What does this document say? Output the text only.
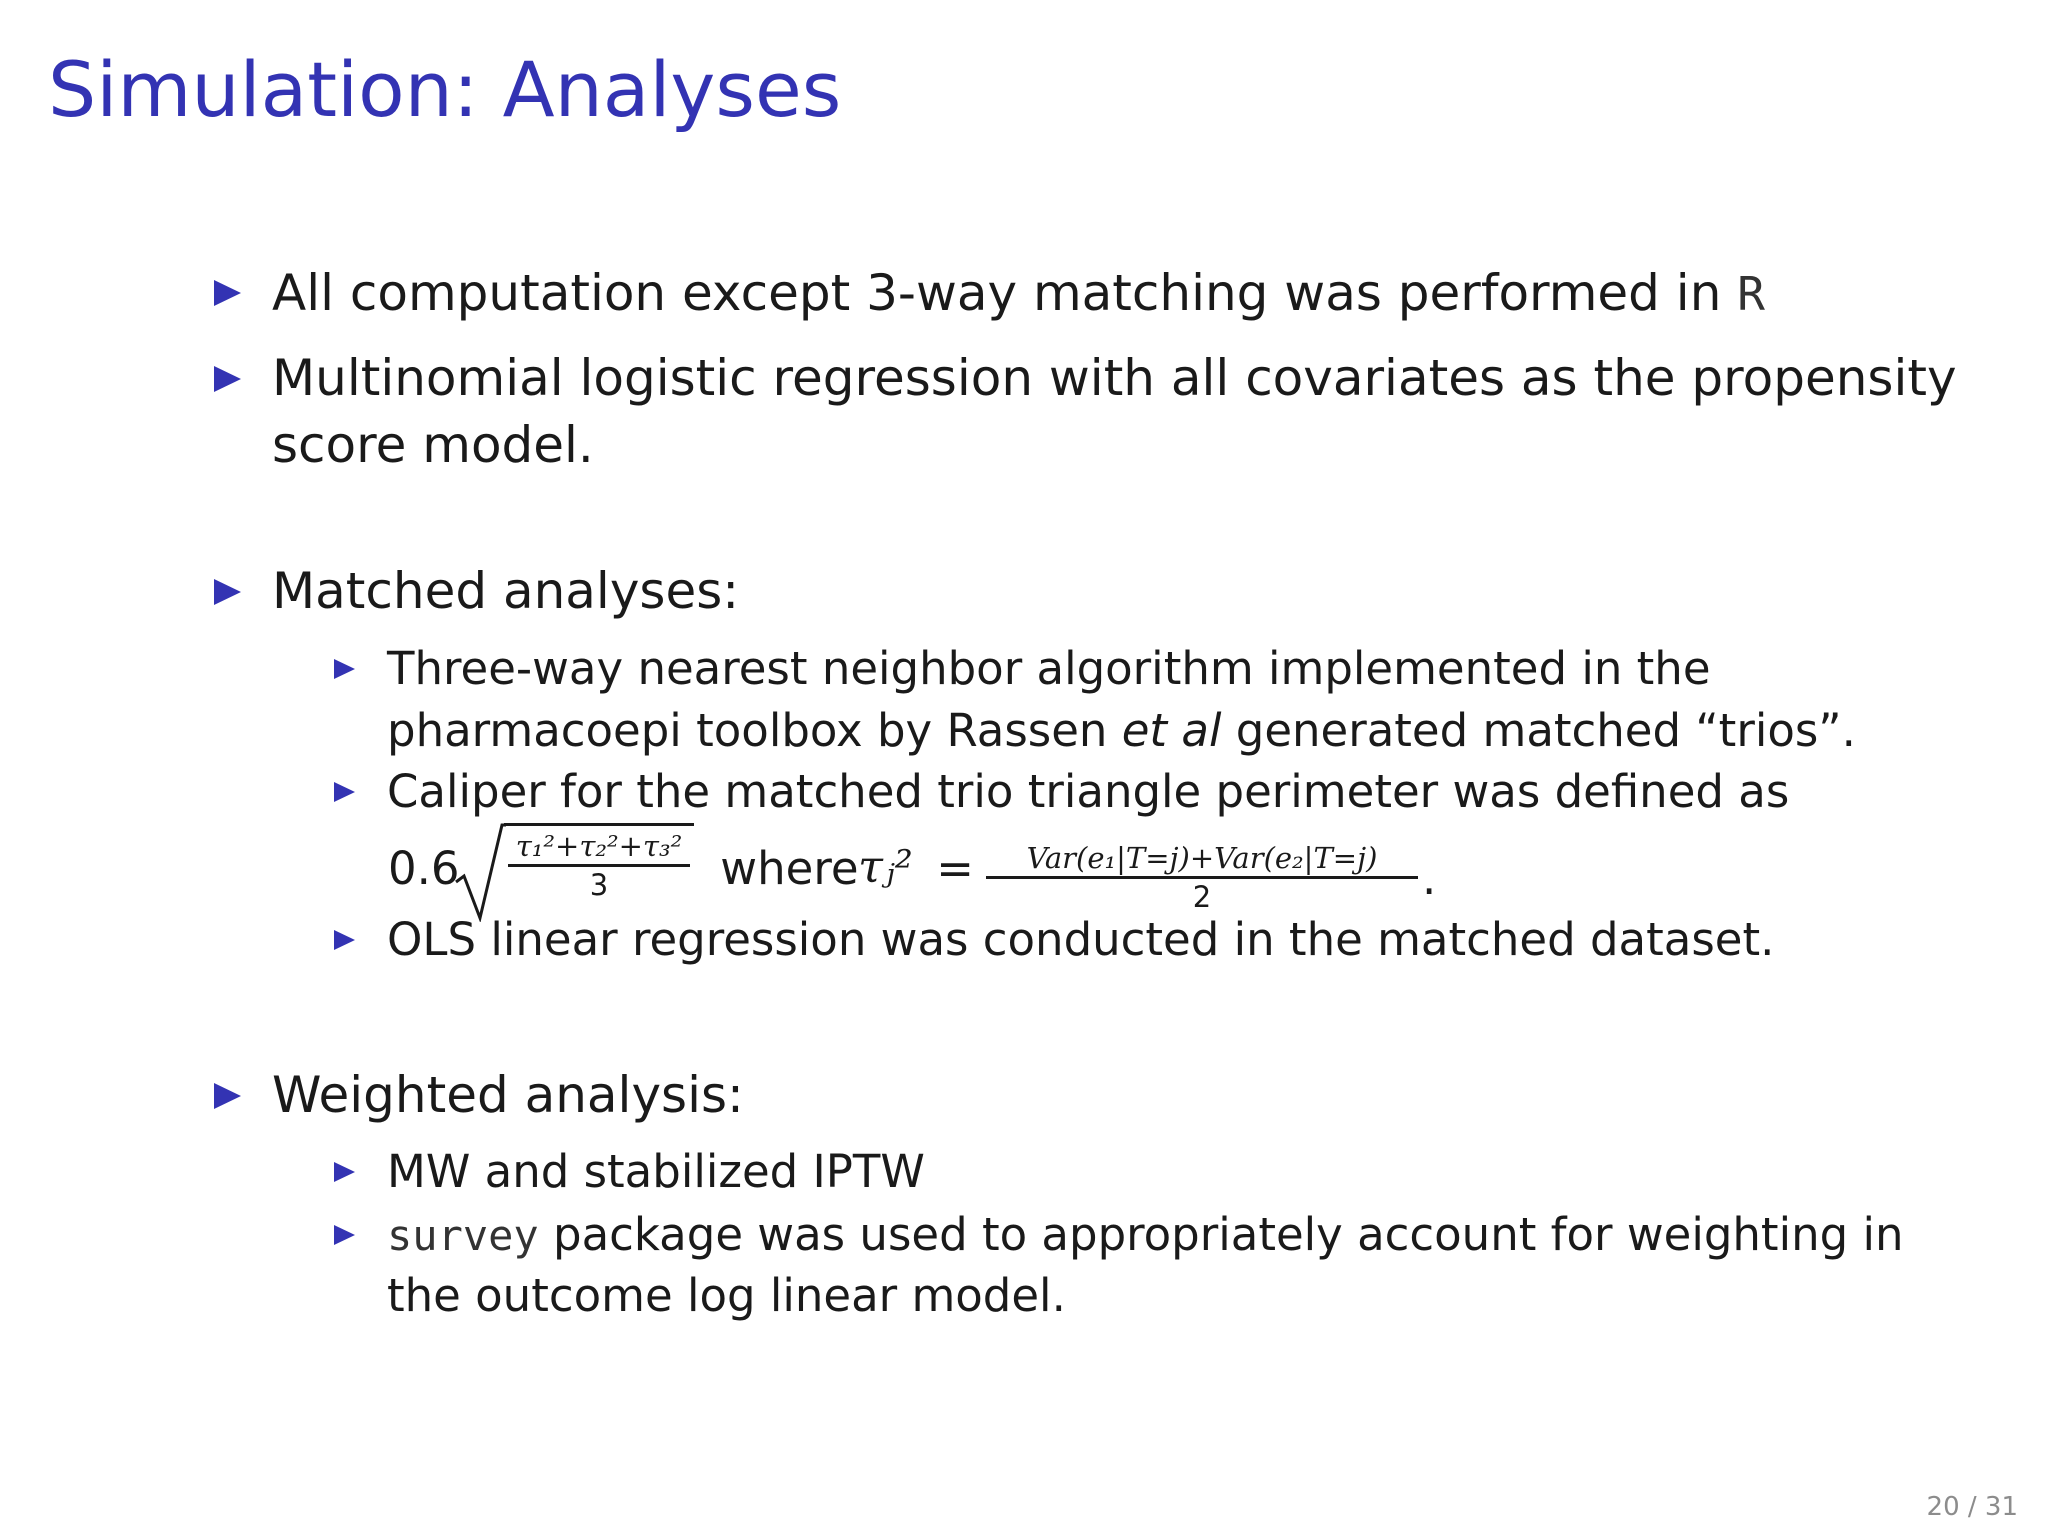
Simulation: Analyses
All computation except 3-way matching was performed in R
Multinomial logistic regression with all covariates as the propensity
score model.
Matched analyses:
Three-way nearest neighbor algorithm implemented in the
pharmacoepi toolbox by Rassen et al generated matched “trios”.
Caliper for the matched trio triangle perimeter was defined as
$0.6 \frac{\text{τ₁²+τ₂²+τ₃²}}{3}$ where
τⱼ² =	Var(e₁|T=j)+Var(e₂|T=j)
2	.
OLS linear regression was conducted in the matched dataset.
Weighted analysis:
MW and stabilized IPTW
survey package was used to appropriately account for weighting in
the outcome log linear model.
20 / 31
